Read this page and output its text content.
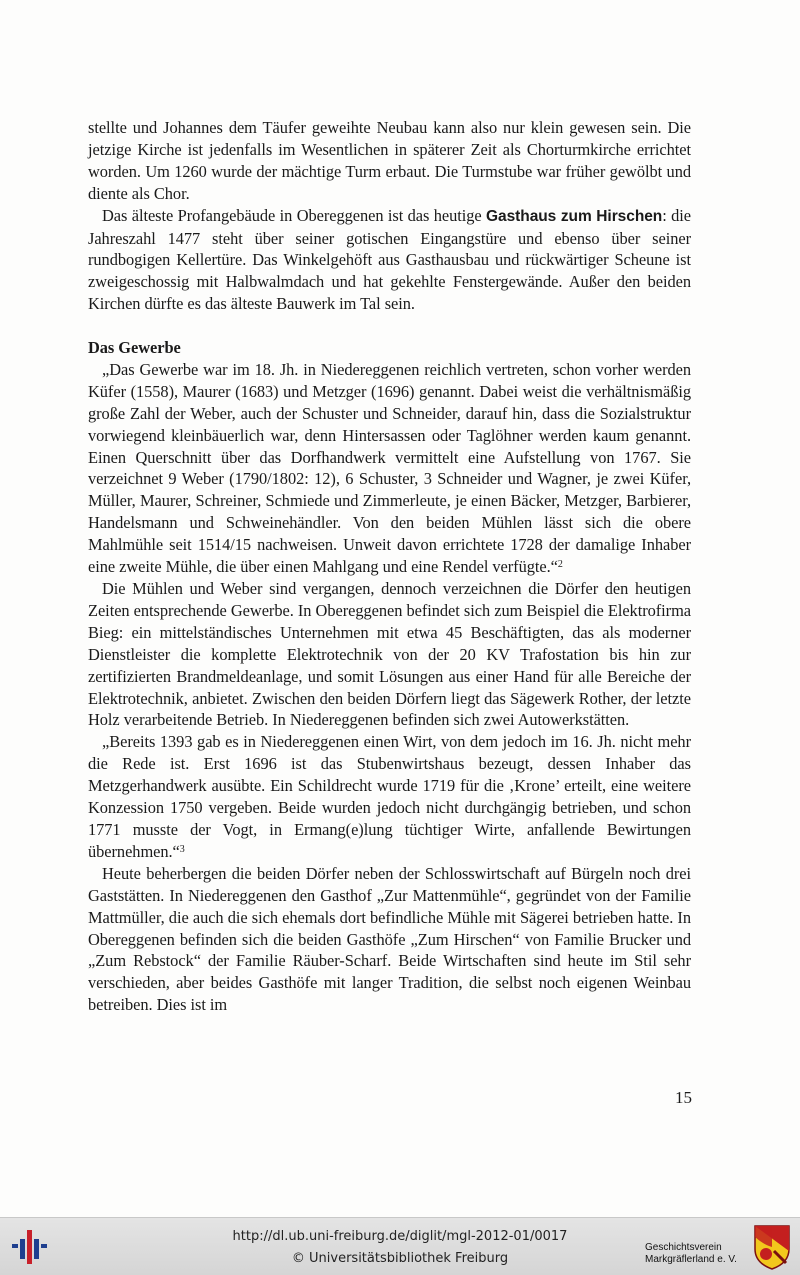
stellte und Johannes dem Täufer geweihte Neubau kann also nur klein gewesen sein. Die jetzige Kirche ist jedenfalls im Wesentlichen in späterer Zeit als Chorturmkirche errichtet worden. Um 1260 wurde der mächtige Turm erbaut. Die Turmstube war früher gewölbt und diente als Chor.

Das älteste Profangebäude in Obereggenen ist das heutige Gasthaus zum Hirschen: die Jahreszahl 1477 steht über seiner gotischen Eingangstüre und ebenso über seiner rundbogigen Kellertüre. Das Winkelgehöft aus Gasthausbau und rückwärtiger Scheune ist zweigeschossig mit Halbwalmdach und hat gekehlte Fenstergewände. Außer den beiden Kirchen dürfte es das älteste Bauwerk im Tal sein.

Das Gewerbe

„Das Gewerbe war im 18. Jh. in Niedereggenen reichlich vertreten, schon vorher werden Küfer (1558), Maurer (1683) und Metzger (1696) genannt. Dabei weist die verhältnismäßig große Zahl der Weber, auch der Schuster und Schneider, darauf hin, dass die Sozialstruktur vorwiegend kleinbäuerlich war, denn Hintersassen oder Taglöhner werden kaum genannt. Einen Querschnitt über das Dorfhandwerk vermittelt eine Aufstellung von 1767. Sie verzeichnet 9 Weber (1790/1802: 12), 6 Schuster, 3 Schneider und Wagner, je zwei Küfer, Müller, Maurer, Schreiner, Schmiede und Zimmerleute, je einen Bäcker, Metzger, Barbierer, Handelsmann und Schweinehändler. Von den beiden Mühlen lässt sich die obere Mahlmühle seit 1514/15 nachweisen. Unweit davon errichtete 1728 der damalige Inhaber eine zweite Mühle, die über einen Mahlgang und eine Rendel verfügte.“$^2$

Die Mühlen und Weber sind vergangen, dennoch verzeichnen die Dörfer den heutigen Zeiten entsprechende Gewerbe. In Obereggenen befindet sich zum Beispiel die Elektrofirma Bieg: ein mittelständisches Unternehmen mit etwa 45 Beschäftigten, das als moderner Dienstleister die komplette Elektrotechnik von der 20 KV Trafostation bis hin zur zertifizierten Brandmeldeanlage, und somit Lösungen aus einer Hand für alle Bereiche der Elektrotechnik, anbietet. Zwischen den beiden Dörfern liegt das Sägewerk Rother, der letzte Holz verarbeitende Betrieb. In Niedereggenen befinden sich zwei Autowerkstätten.

„Bereits 1393 gab es in Niedereggenen einen Wirt, von dem jedoch im 16. Jh. nicht mehr die Rede ist. Erst 1696 ist das Stubenwirtshaus bezeugt, dessen Inhaber das Metzgerhandwerk ausübte. Ein Schildrecht wurde 1719 für die ‚Krone’ erteilt, eine weitere Konzession 1750 vergeben. Beide wurden jedoch nicht durchgängig betrieben, und schon 1771 musste der Vogt, in Ermang(e)lung tüchtiger Wirte, anfallende Bewirtungen übernehmen.“$^3$

Heute beherbergen die beiden Dörfer neben der Schlosswirtschaft auf Bürgeln noch drei Gaststätten. In Niedereggenen den Gasthof „Zur Mattenmühle“, gegründet von der Familie Mattmüller, die auch die sich ehemals dort befindliche Mühle mit Sägerei betrieben hatte. In Obereggenen befinden sich die beiden Gasthöfe „Zum Hirschen“ von Familie Brucker und „Zum Rebstock“ der Familie Räuber-Scharf. Beide Wirtschaften sind heute im Stil sehr verschieden, aber beides Gasthöfe mit langer Tradition, die selbst noch eigenen Weinbau betreiben. Dies ist im

15
http://dl.ub.uni-freiburg.de/diglit/mgl-2012-01/0017
© Universitätsbibliothek Freiburg
Geschichtsverein
Markgräflerland e. V.
